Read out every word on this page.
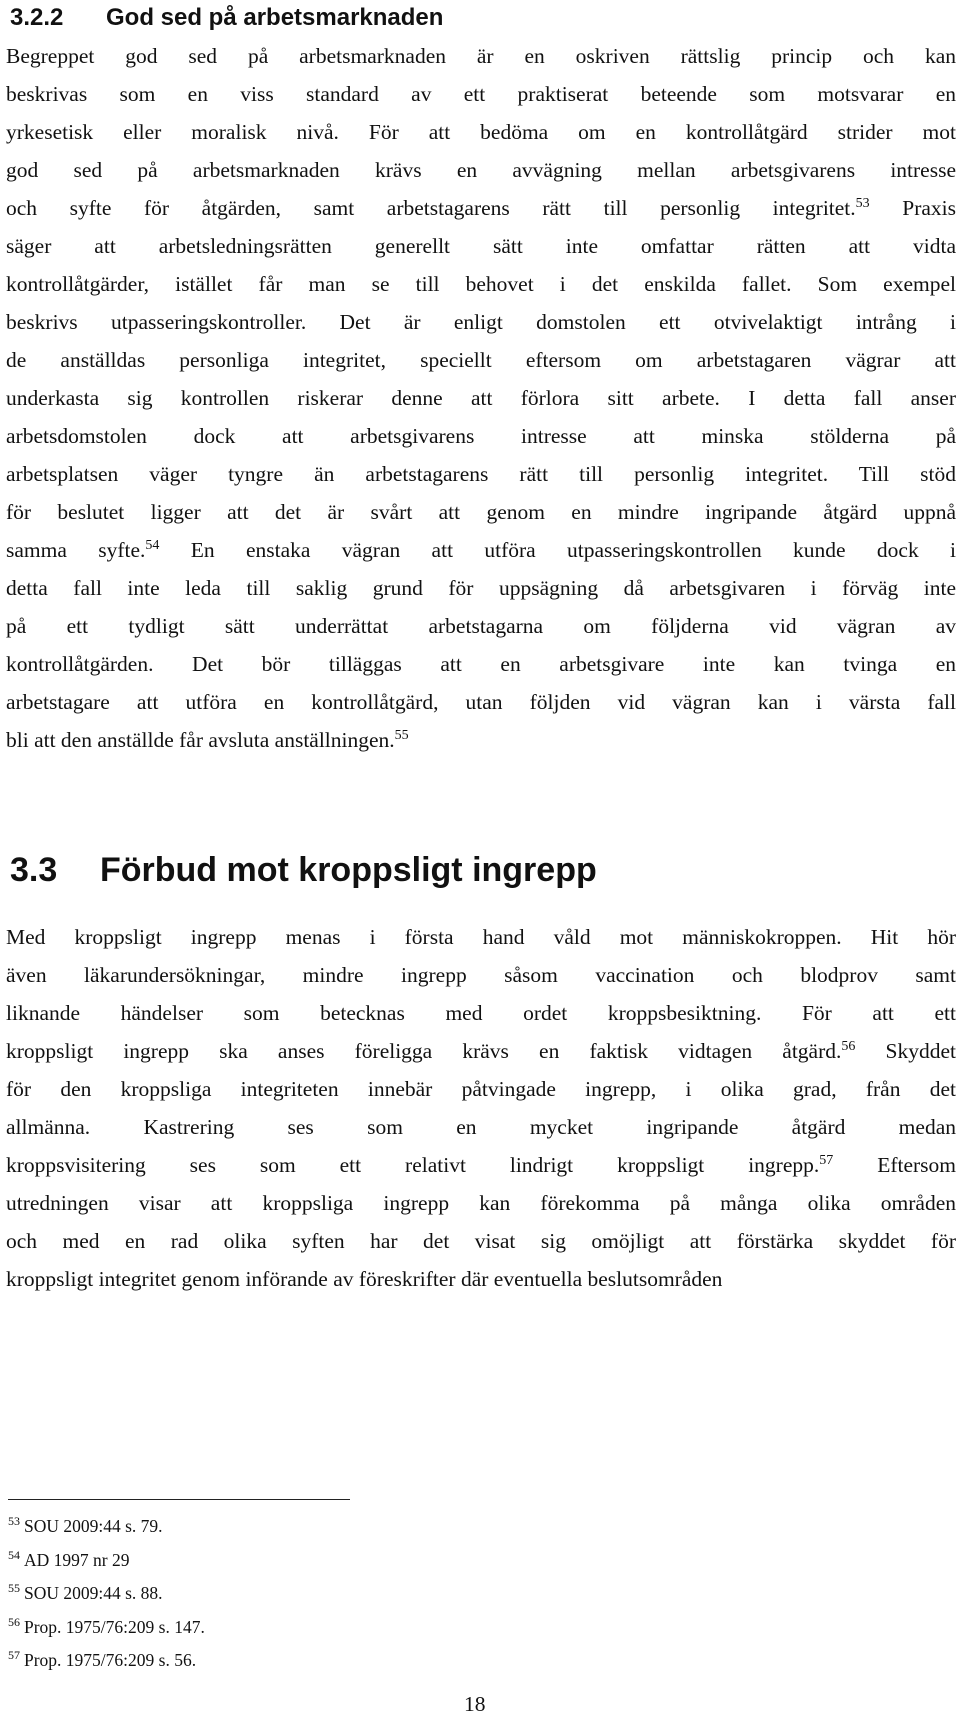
3.2.2 God sed på arbetsmarknaden
Begreppet god sed på arbetsmarknaden är en oskriven rättslig princip och kan
beskrivas som en viss standard av ett praktiserat beteende som motsvarar en
yrkesetisk eller moralisk nivå. För att bedöma om en kontrollåtgärd strider mot
god sed på arbetsmarknaden krävs en avvägning mellan arbetsgivarens intresse
och syfte för åtgärden, samt arbetstagarens rätt till personlig integritet.$^{53}$ Praxis
säger att arbetsledningsrätten generellt sätt inte omfattar rätten att vidta
kontrollåtgärder, istället får man se till behovet i det enskilda fallet. Som exempel
beskrivs utpasseringskontroller. Det är enligt domstolen ett otvivelaktigt intrång i
de anställdas personliga integritet, speciellt eftersom om arbetstagaren vägrar att
underkasta sig kontrollen riskerar denne att förlora sitt arbete. I detta fall anser
arbetsdomstolen dock att arbetsgivarens intresse att minska stölderna på
arbetsplatsen väger tyngre än arbetstagarens rätt till personlig integritet. Till stöd
för beslutet ligger att det är svårt att genom en mindre ingripande åtgärd uppnå
samma syfte.$^{54}$ En enstaka vägran att utföra utpasseringskontrollen kunde dock i
detta fall inte leda till saklig grund för uppsägning då arbetsgivaren i förväg inte
på ett tydligt sätt underrättat arbetstagarna om följderna vid vägran av
kontrollåtgärden. Det bör tilläggas att en arbetsgivare inte kan tvinga en
arbetstagare att utföra en kontrollåtgärd, utan följden vid vägran kan i värsta fall
bli att den anställde får avsluta anställningen.$^{55}$
3.3 Förbud mot kroppsligt ingrepp
Med kroppsligt ingrepp menas i första hand våld mot människokroppen. Hit hör
även läkarundersökningar, mindre ingrepp såsom vaccination och blodprov samt
liknande händelser som betecknas med ordet kroppsbesiktning. För att ett
kroppsligt ingrepp ska anses föreligga krävs en faktisk vidtagen åtgärd.$^{56}$ Skyddet
för den kroppsliga integriteten innebär påtvingade ingrepp, i olika grad, från det
allmänna. Kastrering ses som en mycket ingripande åtgärd medan
kroppsvisitering ses som ett relativt lindrigt kroppsligt ingrepp.$^{57}$ Eftersom
utredningen visar att kroppsliga ingrepp kan förekomma på många olika områden
och med en rad olika syften har det visat sig omöjligt att förstärka skyddet för
kroppsligt integritet genom införande av föreskrifter där eventuella beslutsområden
$^{53}$ SOU 2009:44 s. 79.
$^{54}$ AD 1997 nr 29
$^{55}$ SOU 2009:44 s. 88.
$^{56}$ Prop. 1975/76:209 s. 147.
$^{57}$ Prop. 1975/76:209 s. 56.
18
